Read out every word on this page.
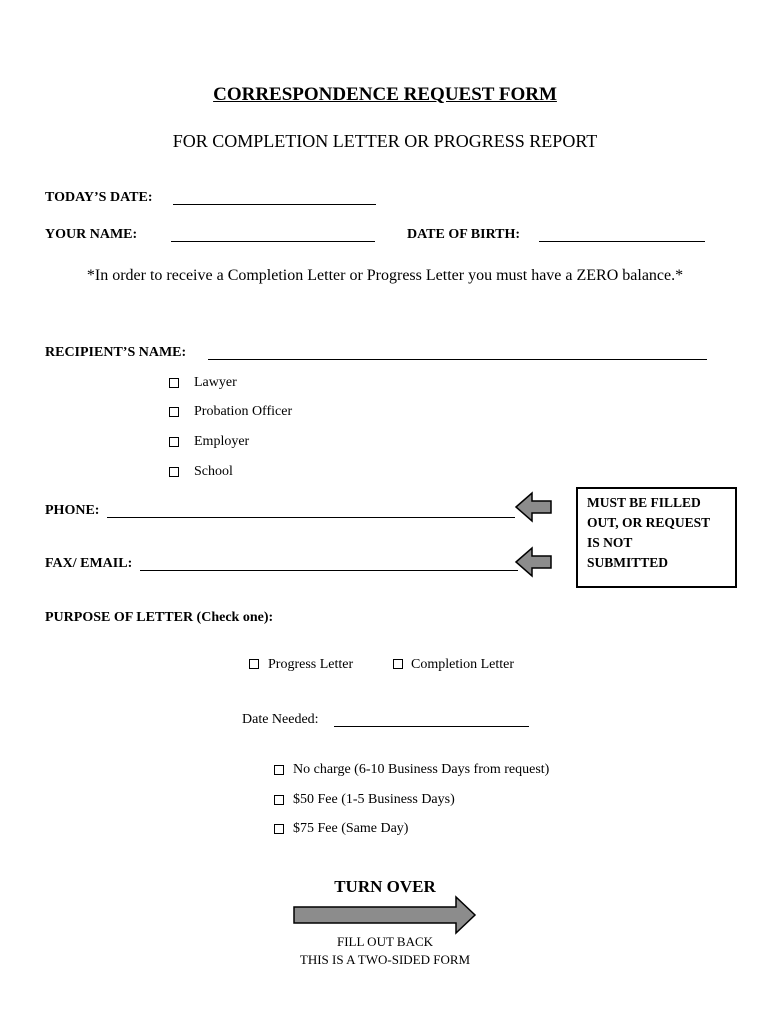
CORRESPONDENCE REQUEST FORM
FOR COMPLETION LETTER OR PROGRESS REPORT
TODAY’S DATE:
YOUR NAME:	DATE OF BIRTH:
*In order to receive a Completion Letter or Progress Letter you must have a ZERO balance.*
RECIPIENT’S NAME:
Lawyer
Probation Officer
Employer
School
PHONE:
FAX/ EMAIL:
MUST BE FILLED
OUT, OR REQUEST
IS NOT
SUBMITTED
PURPOSE OF LETTER (Check one):
Progress Letter	Completion Letter
Date Needed:
No charge (6-10 Business Days from request)
$50 Fee (1-5 Business Days)
$75 Fee (Same Day)
TURN OVER
FILL OUT BACK
THIS IS A TWO-SIDED FORM
